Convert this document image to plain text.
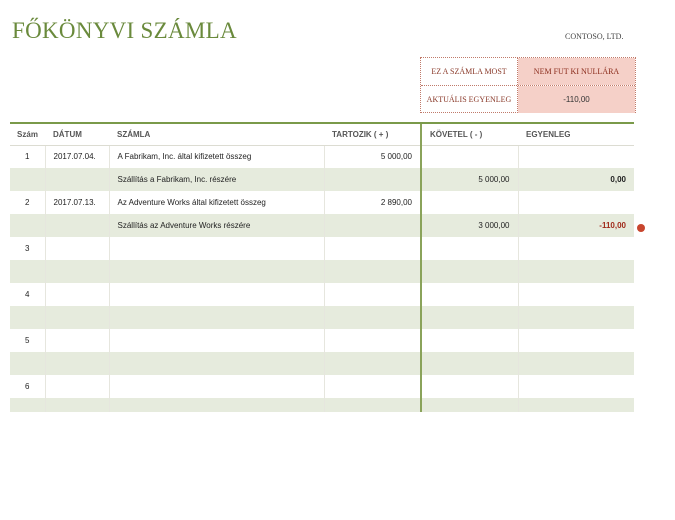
FŐKÖNYVI SZÁMLA	CONTOSO, LTD.
EZ A SZÁMLA MOST	NEM FUT KI NULLÁRA
AKTUÁLIS EGYENLEG	-110,00
Szám	DÁTUM	SZÁMLA	TARTOZIK ( + )	KÖVETEL ( - )	EGYENLEG
1	2017.07.04.	A Fabrikam, Inc. által kifizetett összeg	5 000,00		
		Szállítás a Fabrikam, Inc. részére		5 000,00	0,00
2	2017.07.13.	Az Adventure Works által kifizetett összeg	2 890,00		
		Szállítás az Adventure Works részére		3 000,00	-110,00
3					

4					

5					

6					
